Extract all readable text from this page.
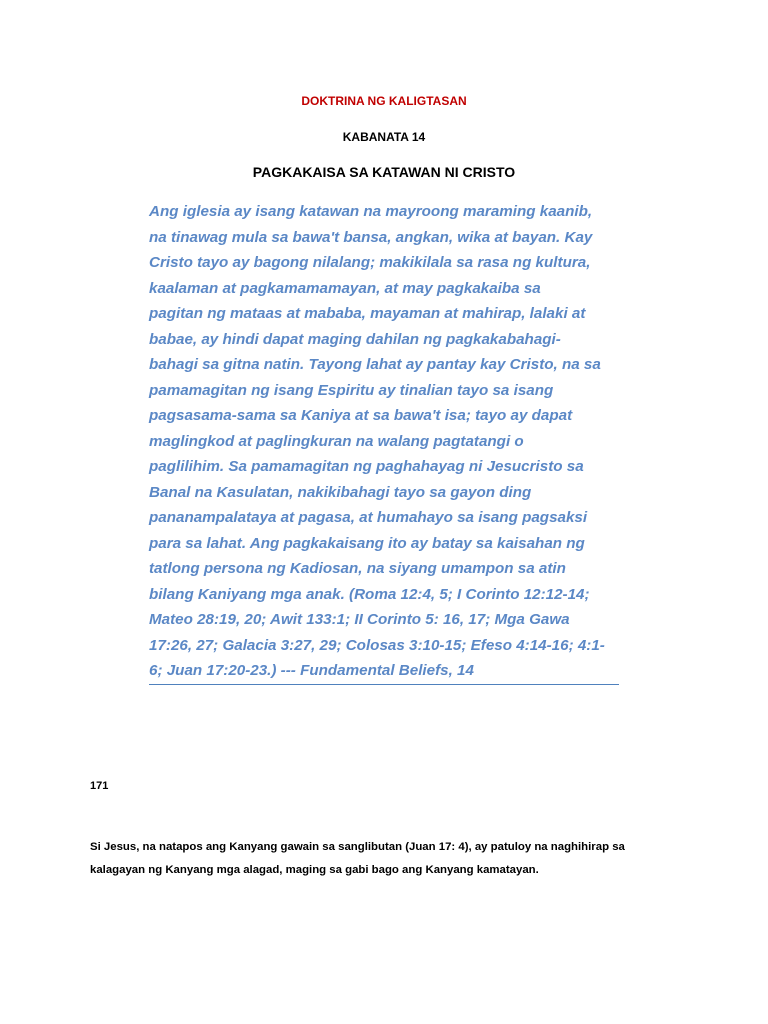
DOKTRINA NG KALIGTASAN
KABANATA 14
PAGKAKAISA SA KATAWAN NI CRISTO
Ang iglesia ay isang katawan na mayroong maraming kaanib,
na tinawag mula sa bawa't bansa, angkan, wika at bayan. Kay
Cristo tayo ay bagong nilalang; makikilala sa rasa ng kultura,
kaalaman at pagkamamamayan, at may pagkakaiba sa
pagitan ng mataas at mababa, mayaman at mahirap, lalaki at
babae, ay hindi dapat maging dahilan ng pagkakabahagi-
bahagi sa gitna natin. Tayong lahat ay pantay kay Cristo, na sa
pamamagitan ng isang Espiritu ay tinalian tayo sa isang
pagsasama-sama sa Kaniya at sa bawa't isa; tayo ay dapat
maglingkod at paglingkuran na walang pagtatangi o
paglilihim. Sa pamamagitan ng paghahayag ni Jesucristo sa
Banal na Kasulatan, nakikibahagi tayo sa gayon ding
pananampalataya at pagasa, at humahayo sa isang pagsaksi
para sa lahat. Ang pagkakaisang ito ay batay sa kaisahan ng
tatlong persona ng Kadiosan, na siyang umampon sa atin
bilang Kaniyang mga anak. (Roma 12:4, 5; I Corinto 12:12-14;
Mateo 28:19, 20; Awit 133:1; II Corinto 5: 16, 17; Mga Gawa
17:26, 27; Galacia 3:27, 29; Colosas 3:10-15; Efeso 4:14-16; 4:1-
6; Juan 17:20-23.) --- Fundamental Beliefs, 14
171
Si Jesus, na natapos ang Kanyang gawain sa sanglibutan (Juan 17: 4), ay patuloy na naghihirap sa
kalagayan ng Kanyang mga alagad, maging sa gabi bago ang Kanyang kamatayan.
